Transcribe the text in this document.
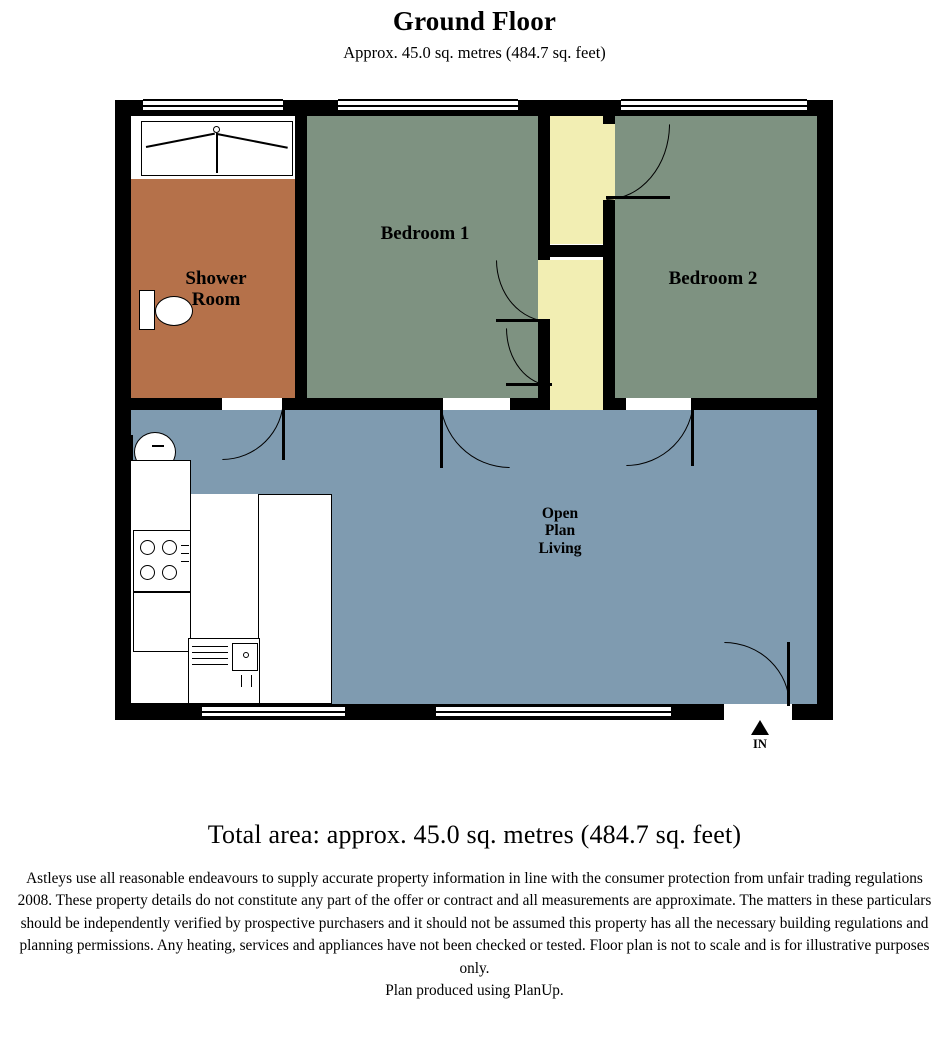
Ground Floor
Approx. 45.0 sq. metres (484.7 sq. feet)
Shower
Room
Bedroom 1
Bedroom 2
Open
Plan
Living
IN
Total area: approx. 45.0 sq. metres (484.7 sq. feet)
Astleys use all reasonable endeavours to supply accurate property information in line with the consumer protection from unfair trading regulations 2008. These property details do not constitute any part of the offer or contract and all measurements are approximate. The matters in these particulars should be independently verified by prospective purchasers and it should not be assumed this property has all the necessary building regulations and planning permissions. Any heating, services and appliances have not been checked or tested. Floor plan is not to scale and is for illustrative purposes only.
Plan produced using PlanUp.
